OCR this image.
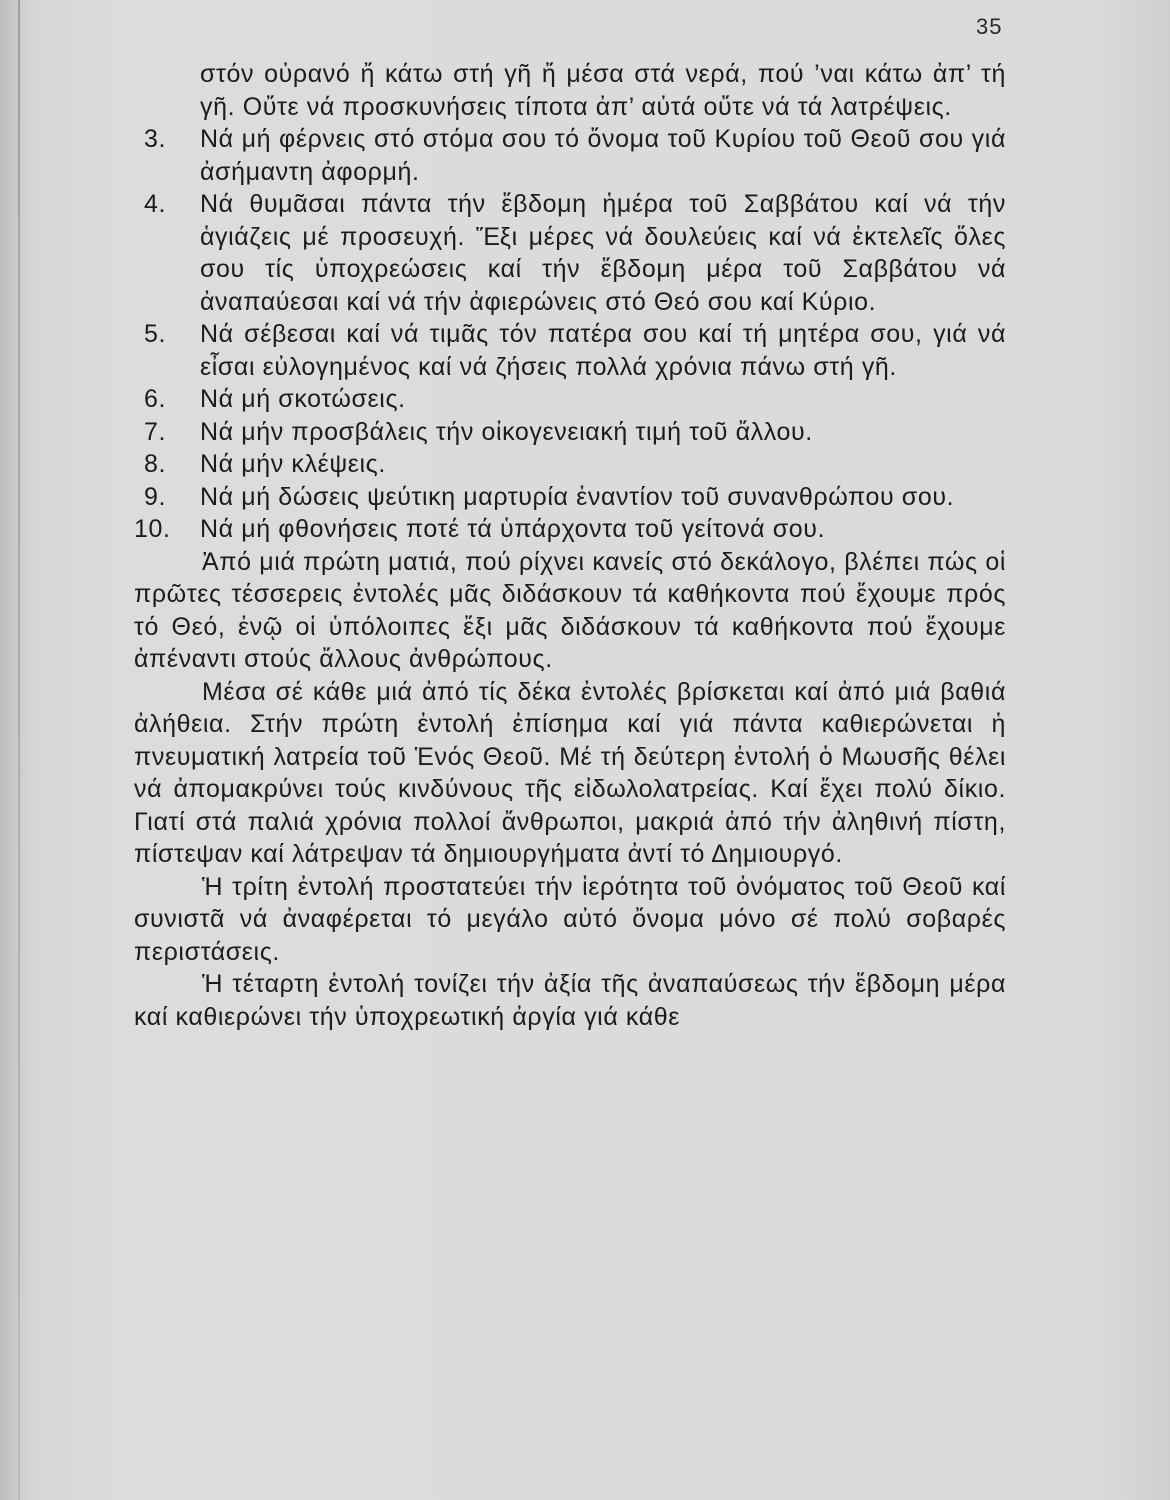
35
στόν οὐρανό ἤ κάτω στή γῆ ἤ μέσα στά νερά, πού ’ναι κάτω ἀπ’ τή γῆ. Οὔτε νά προσκυνήσεις τίποτα ἀπ’ αὐτά οὔτε νά τά λατρέψεις.
3.	Νά μή φέρνεις στό στόμα σου τό ὄνομα τοῦ Κυρίου τοῦ Θεοῦ σου γιά ἀσήμαντη ἀφορμή.
4.	Νά θυμᾶσαι πάντα τήν ἕβδομη ἡμέρα τοῦ Σαββάτου καί νά τήν ἁγιάζεις μέ προσευχή. Ἕξι μέρες νά δουλεύεις καί νά ἐκτελεῖς ὅλες σου τίς ὑποχρεώσεις καί τήν ἕβδομη μέρα τοῦ Σαββάτου νά ἀναπαύεσαι καί νά τήν ἀφιερώνεις στό Θεό σου καί Κύριο.
5.	Νά σέβεσαι καί νά τιμᾶς τόν πατέρα σου καί τή μητέρα σου, γιά νά εἶσαι εὐλογημένος καί νά ζήσεις πολλά χρόνια πάνω στή γῆ.
6.	Νά μή σκοτώσεις.
7.	Νά μήν προσβάλεις τήν οἰκογενειακή τιμή τοῦ ἄλλου.
8.	Νά μήν κλέψεις.
9.	Νά μή δώσεις ψεύτικη μαρτυρία ἐναντίον τοῦ συνανθρώπου σου.
10.	Νά μή φθονήσεις ποτέ τά ὑπάρχοντα τοῦ γείτονά σου.

Ἀπό μιά πρώτη ματιά, πού ρίχνει κανείς στό δεκάλογο, βλέπει πώς οἱ πρῶτες τέσσερεις ἐντολές μᾶς διδάσκουν τά καθήκοντα πού ἔχουμε πρός τό Θεό, ἐνῷ οἱ ὑπόλοιπες ἔξι μᾶς διδάσκουν τά καθήκοντα πού ἔχουμε ἀπέναντι στούς ἄλλους ἀνθρώπους.

Μέσα σέ κάθε μιά ἀπό τίς δέκα ἐντολές βρίσκεται καί ἀπό μιά βαθιά ἀλήθεια. Στήν πρώτη ἐντολή ἐπίσημα καί γιά πάντα καθιερώνεται ἡ πνευματική λατρεία τοῦ Ἑνός Θεοῦ. Μέ τή δεύτερη ἐντολή ὁ Μωυσῆς θέλει νά ἀπομακρύνει τούς κινδύνους τῆς εἰδωλολατρείας. Καί ἔχει πολύ δίκιο. Γιατί στά παλιά χρόνια πολλοί ἄνθρωποι, μακριά ἀπό τήν ἀληθινή πίστη, πίστεψαν καί λάτρεψαν τά δημιουργήματα ἀντί τό Δημιουργό.

Ἡ τρίτη ἐντολή προστατεύει τήν ἱερότητα τοῦ ὀνόματος τοῦ Θεοῦ καί συνιστᾶ νά ἀναφέρεται τό μεγάλο αὐτό ὄνομα μόνο σέ πολύ σοβαρές περιστάσεις.

Ἡ τέταρτη ἐντολή τονίζει τήν ἀξία τῆς ἀναπαύσεως τήν ἕβδομη μέρα καί καθιερώνει τήν ὑποχρεωτική ἀργία γιά κάθε
